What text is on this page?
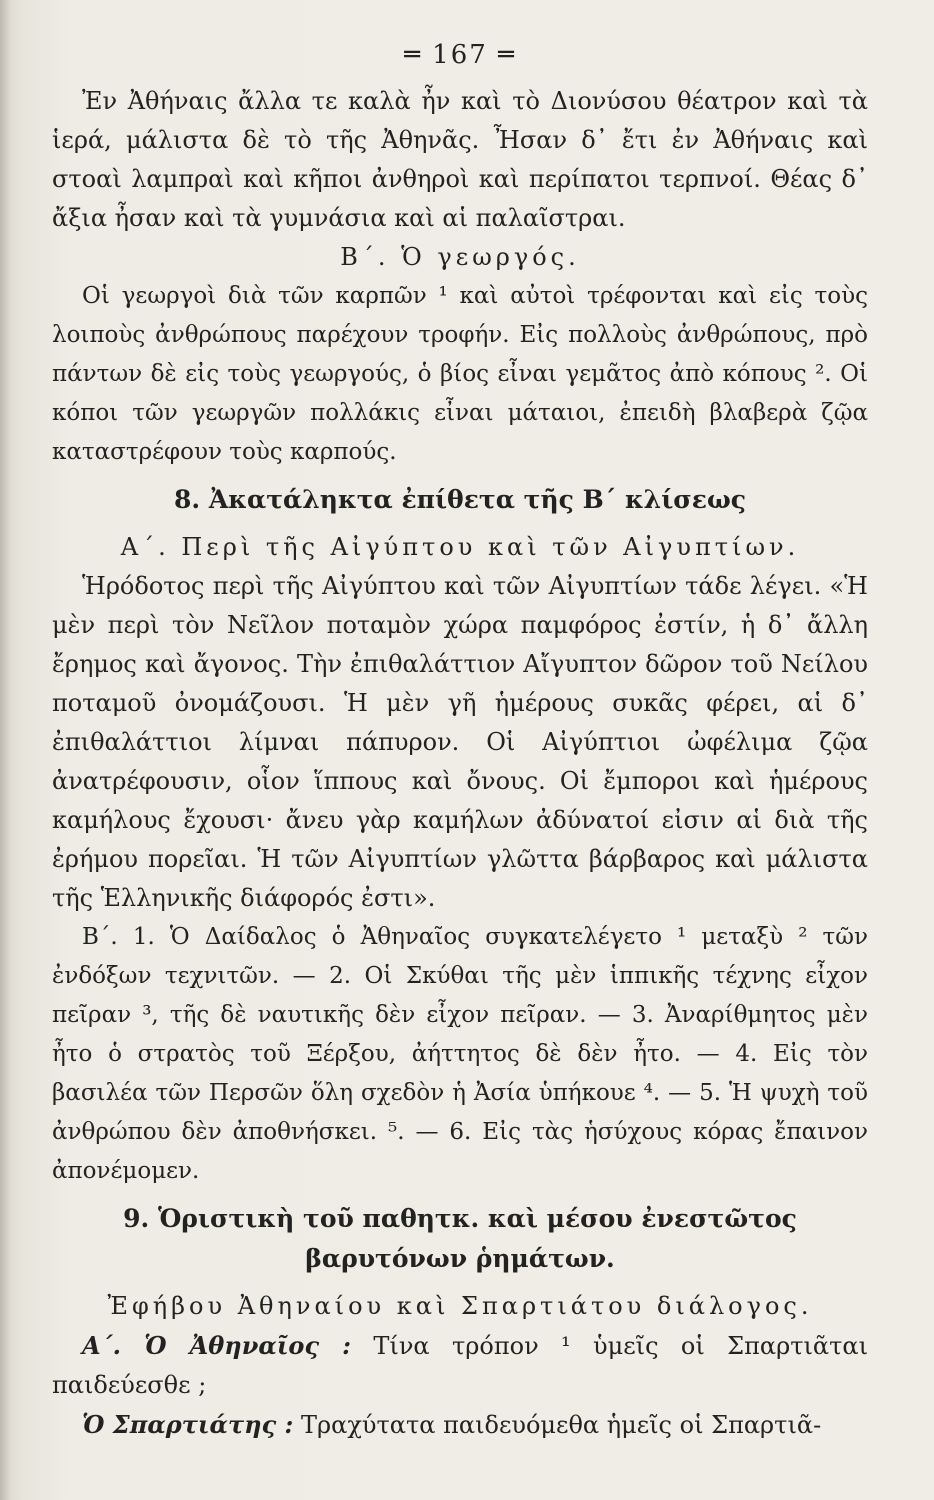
═ 167 ═

Ἐν Ἀθήναις ἄλλα τε καλὰ ἦν καὶ τὸ Διονύσου θέατρον καὶ τὰ ἱερά, μάλιστα δὲ τὸ τῆς Ἀθηνᾶς. Ἦσαν δ᾽ ἔτι ἐν Ἀθήναις καὶ στοαὶ λαμπραὶ καὶ κῆποι ἀνθηροὶ καὶ περίπατοι τερπνοί. Θέας δ᾽ ἄξια ἦσαν καὶ τὰ γυμνάσια καὶ αἱ παλαῖστραι.

Β΄. Ὁ γεωργός.

Οἱ γεωργοὶ διὰ τῶν καρπῶν ¹ καὶ αὐτοὶ τρέφονται καὶ εἰς τοὺς λοιποὺς ἀνθρώπους παρέχουν τροφήν. Εἰς πολλοὺς ἀνθρώπους, πρὸ πάντων δὲ εἰς τοὺς γεωργούς, ὁ βίος εἶναι γεμᾶτος ἀπὸ κόπους ². Οἱ κόποι τῶν γεωργῶν πολλάκις εἶναι μάταιοι, ἐπειδὴ βλαβερὰ ζῷα καταστρέφουν τοὺς καρπούς.

8. Ἀκατάληκτα ἐπίθετα τῆς Β΄ κλίσεως

Α΄. Περὶ τῆς Αἰγύπτου καὶ τῶν Αἰγυπτίων.

Ἡρόδοτος περὶ τῆς Αἰγύπτου καὶ τῶν Αἰγυπτίων τάδε λέγει. «Ἡ μὲν περὶ τὸν Νεῖλον ποταμὸν χώρα παμφόρος ἐστίν, ἡ δ᾽ ἄλλη ἔρημος καὶ ἄγονος. Τὴν ἐπιθαλάττιον Αἴγυπτον δῶρον τοῦ Νείλου ποταμοῦ ὀνομάζουσι. Ἡ μὲν γῆ ἡμέρους συκᾶς φέρει, αἱ δ᾽ ἐπιθαλάττιοι λίμναι πάπυρον. Οἱ Αἰγύπτιοι ὠφέλιμα ζῷα ἀνατρέφουσιν, οἷον ἵππους καὶ ὄνους. Οἱ ἔμποροι καὶ ἡμέρους καμήλους ἔχουσι· ἄνευ γὰρ καμήλων ἀδύνατοί εἰσιν αἱ διὰ τῆς ἐρήμου πορεῖαι. Ἡ τῶν Αἰγυπτίων γλῶττα βάρβαρος καὶ μάλιστα τῆς Ἑλληνικῆς διάφορός ἐστι».

Β΄. 1. Ὁ Δαίδαλος ὁ Ἀθηναῖος συγκατελέγετο ¹ μεταξὺ ² τῶν ἐνδόξων τεχνιτῶν. — 2. Οἱ Σκύθαι τῆς μὲν ἱππικῆς τέχνης εἶχον πεῖραν ³, τῆς δὲ ναυτικῆς δὲν εἶχον πεῖραν. — 3. Ἀναρίθμητος μὲν ἦτο ὁ στρατὸς τοῦ Ξέρξου, ἀήττητος δὲ δὲν ἦτο. — 4. Εἰς τὸν βασιλέα τῶν Περσῶν ὅλη σχεδὸν ἡ Ἀσία ὑπήκουε ⁴. — 5. Ἡ ψυχὴ τοῦ ἀνθρώπου δὲν ἀποθνήσκει. ⁵. — 6. Εἰς τὰς ἡσύχους κόρας ἔπαινον ἀπονέμομεν.

9. Ὁριστικὴ τοῦ παθητκ. καὶ μέσου ἐνεστῶτος
βαρυτόνων ῥημάτων.

Ἐφήβου Ἀθηναίου καὶ Σπαρτιάτου διάλογος.

Α΄. Ὁ Ἀθηναῖος : Τίνα τρόπον ¹ ὑμεῖς οἱ Σπαρτιᾶται παιδεύεσθε ;

Ὁ Σπαρτιάτης : Τραχύτατα παιδευόμεθα ἡμεῖς οἱ Σπαρτιᾶ-
